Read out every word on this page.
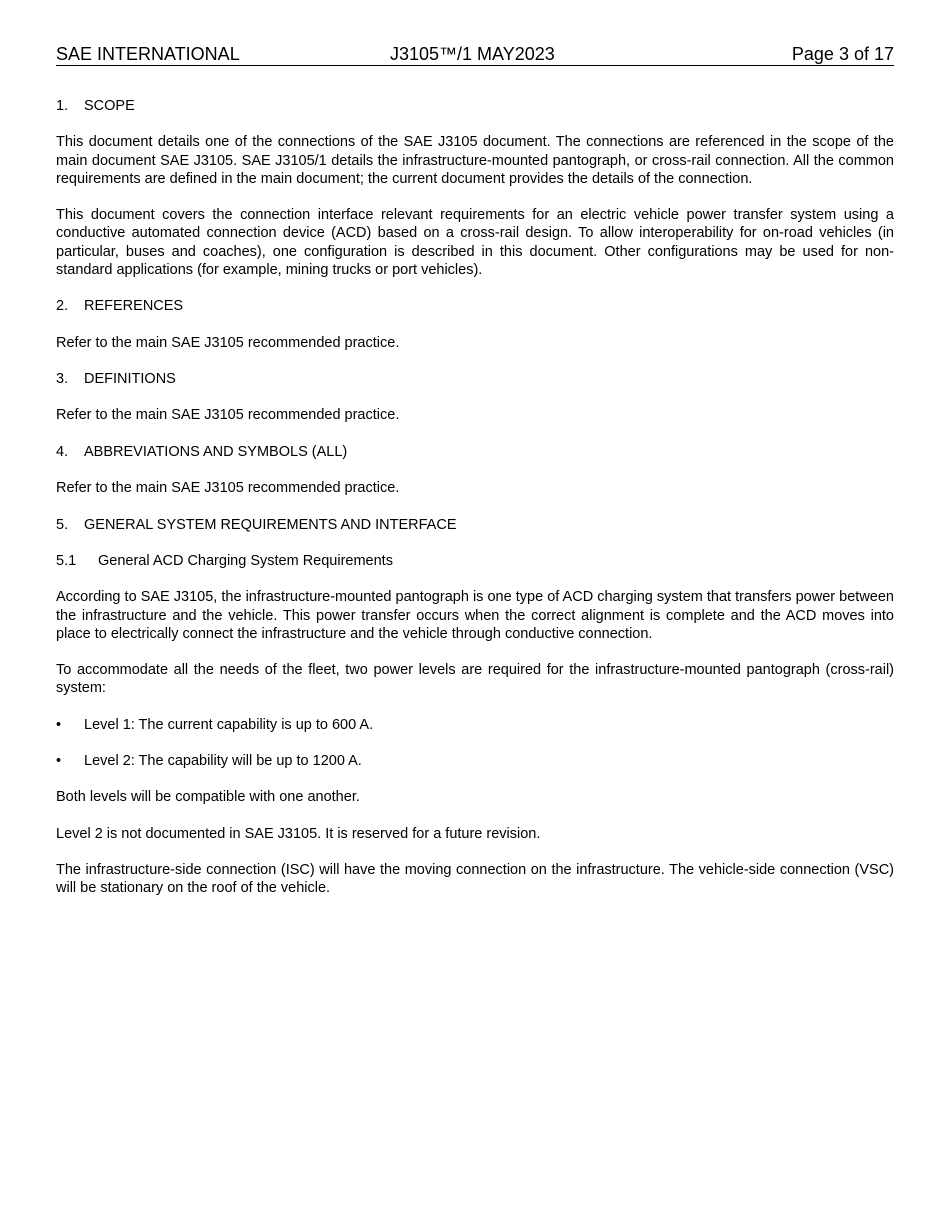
SAE INTERNATIONAL	J3105™/1 MAY2023	Page 3 of 17

1.	SCOPE

This document details one of the connections of the SAE J3105 document. The connections are referenced in the scope of the main document SAE J3105. SAE J3105/1 details the infrastructure-mounted pantograph, or cross-rail connection. All the common requirements are defined in the main document; the current document provides the details of the connection.

This document covers the connection interface relevant requirements for an electric vehicle power transfer system using a conductive automated connection device (ACD) based on a cross-rail design. To allow interoperability for on-road vehicles (in particular, buses and coaches), one configuration is described in this document. Other configurations may be used for non-standard applications (for example, mining trucks or port vehicles).

2.	REFERENCES

Refer to the main SAE J3105 recommended practice.

3.	DEFINITIONS

Refer to the main SAE J3105 recommended practice.

4.	ABBREVIATIONS AND SYMBOLS (ALL)

Refer to the main SAE J3105 recommended practice.

5.	GENERAL SYSTEM REQUIREMENTS AND INTERFACE

5.1	General ACD Charging System Requirements

According to SAE J3105, the infrastructure-mounted pantograph is one type of ACD charging system that transfers power between the infrastructure and the vehicle. This power transfer occurs when the correct alignment is complete and the ACD moves into place to electrically connect the infrastructure and the vehicle through conductive connection.

To accommodate all the needs of the fleet, two power levels are required for the infrastructure-mounted pantograph (cross-rail) system:

•	Level 1: The current capability is up to 600 A.

•	Level 2: The capability will be up to 1200 A.

Both levels will be compatible with one another.

Level 2 is not documented in SAE J3105. It is reserved for a future revision.

The infrastructure-side connection (ISC) will have the moving connection on the infrastructure. The vehicle-side connection (VSC) will be stationary on the roof of the vehicle.
